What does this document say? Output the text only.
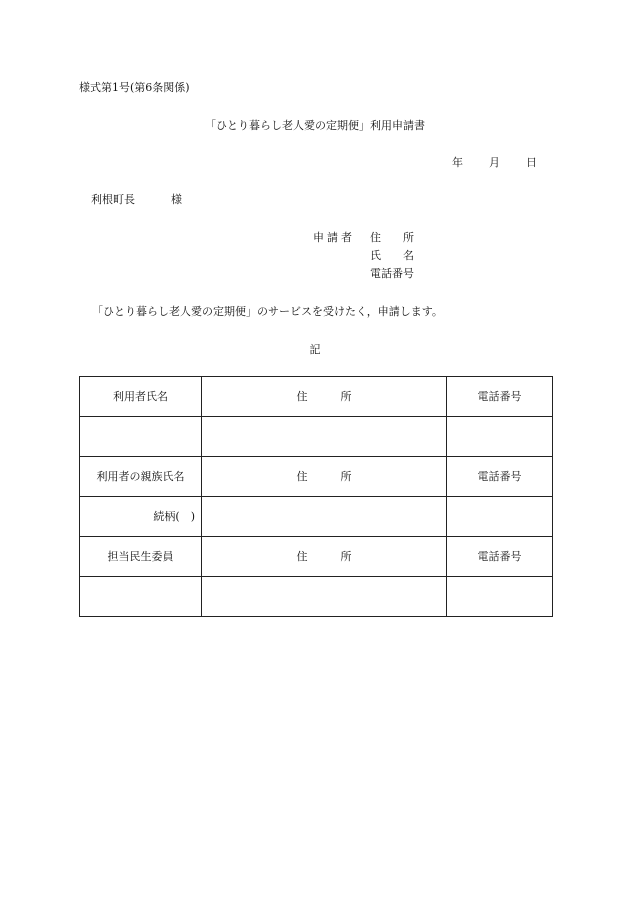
様式第1号(第6条関係)
「ひとり暮らし老人愛の定期便」利用申請書
年 月 日
利根町長	様
申請者 住　　所
氏　　名
電話番号
「ひとり暮らし老人愛の定期便」のサービスを受けたく，申請します。
記
利用者氏名	住　　　所	電話番号

利用者の親族氏名	住　　　所	電話番号
続柄(　)		
担当民生委員	住　　　所	電話番号
